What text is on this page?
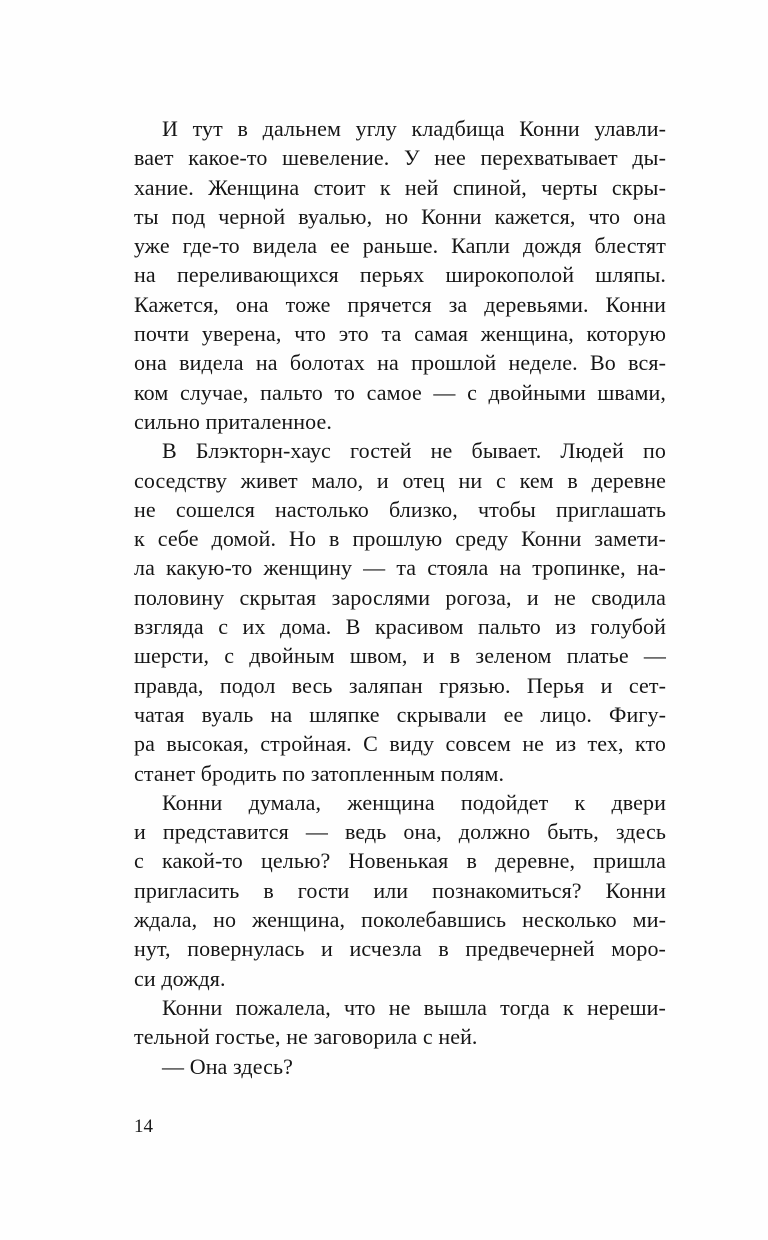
И тут в дальнем углу кладбища Конни улавли-
вает какое-то шевеление. У нее перехватывает ды-
хание. Женщина стоит к ней спиной, черты скры-
ты под черной вуалью, но Конни кажется, что она
уже где-то видела ее раньше. Капли дождя блестят
на переливающихся перьях широкополой шляпы.
Кажется, она тоже прячется за деревьями. Конни
почти уверена, что это та самая женщина, которую
она видела на болотах на прошлой неделе. Во вся-
ком случае, пальто то самое — с двойными швами,
сильно приталенное.
В Блэкторн-хаус гостей не бывает. Людей по
соседству живет мало, и отец ни с кем в деревне
не сошелся настолько близко, чтобы приглашать
к себе домой. Но в прошлую среду Конни замети-
ла какую-то женщину — та стояла на тропинке, на-
половину скрытая зарослями рогоза, и не сводила
взгляда с их дома. В красивом пальто из голубой
шерсти, с двойным швом, и в зеленом платье —
правда, подол весь заляпан грязью. Перья и сет-
чатая вуаль на шляпке скрывали ее лицо. Фигу-
ра высокая, стройная. С виду совсем не из тех, кто
станет бродить по затопленным полям.
Конни думала, женщина подойдет к двери
и представится — ведь она, должно быть, здесь
с какой-то целью? Новенькая в деревне, пришла
пригласить в гости или познакомиться? Конни
ждала, но женщина, поколебавшись несколько ми-
нут, повернулась и исчезла в предвечерней моро-
си дождя.
Конни пожалела, что не вышла тогда к нереши-
тельной гостье, не заговорила с ней.
— Она здесь?
14
